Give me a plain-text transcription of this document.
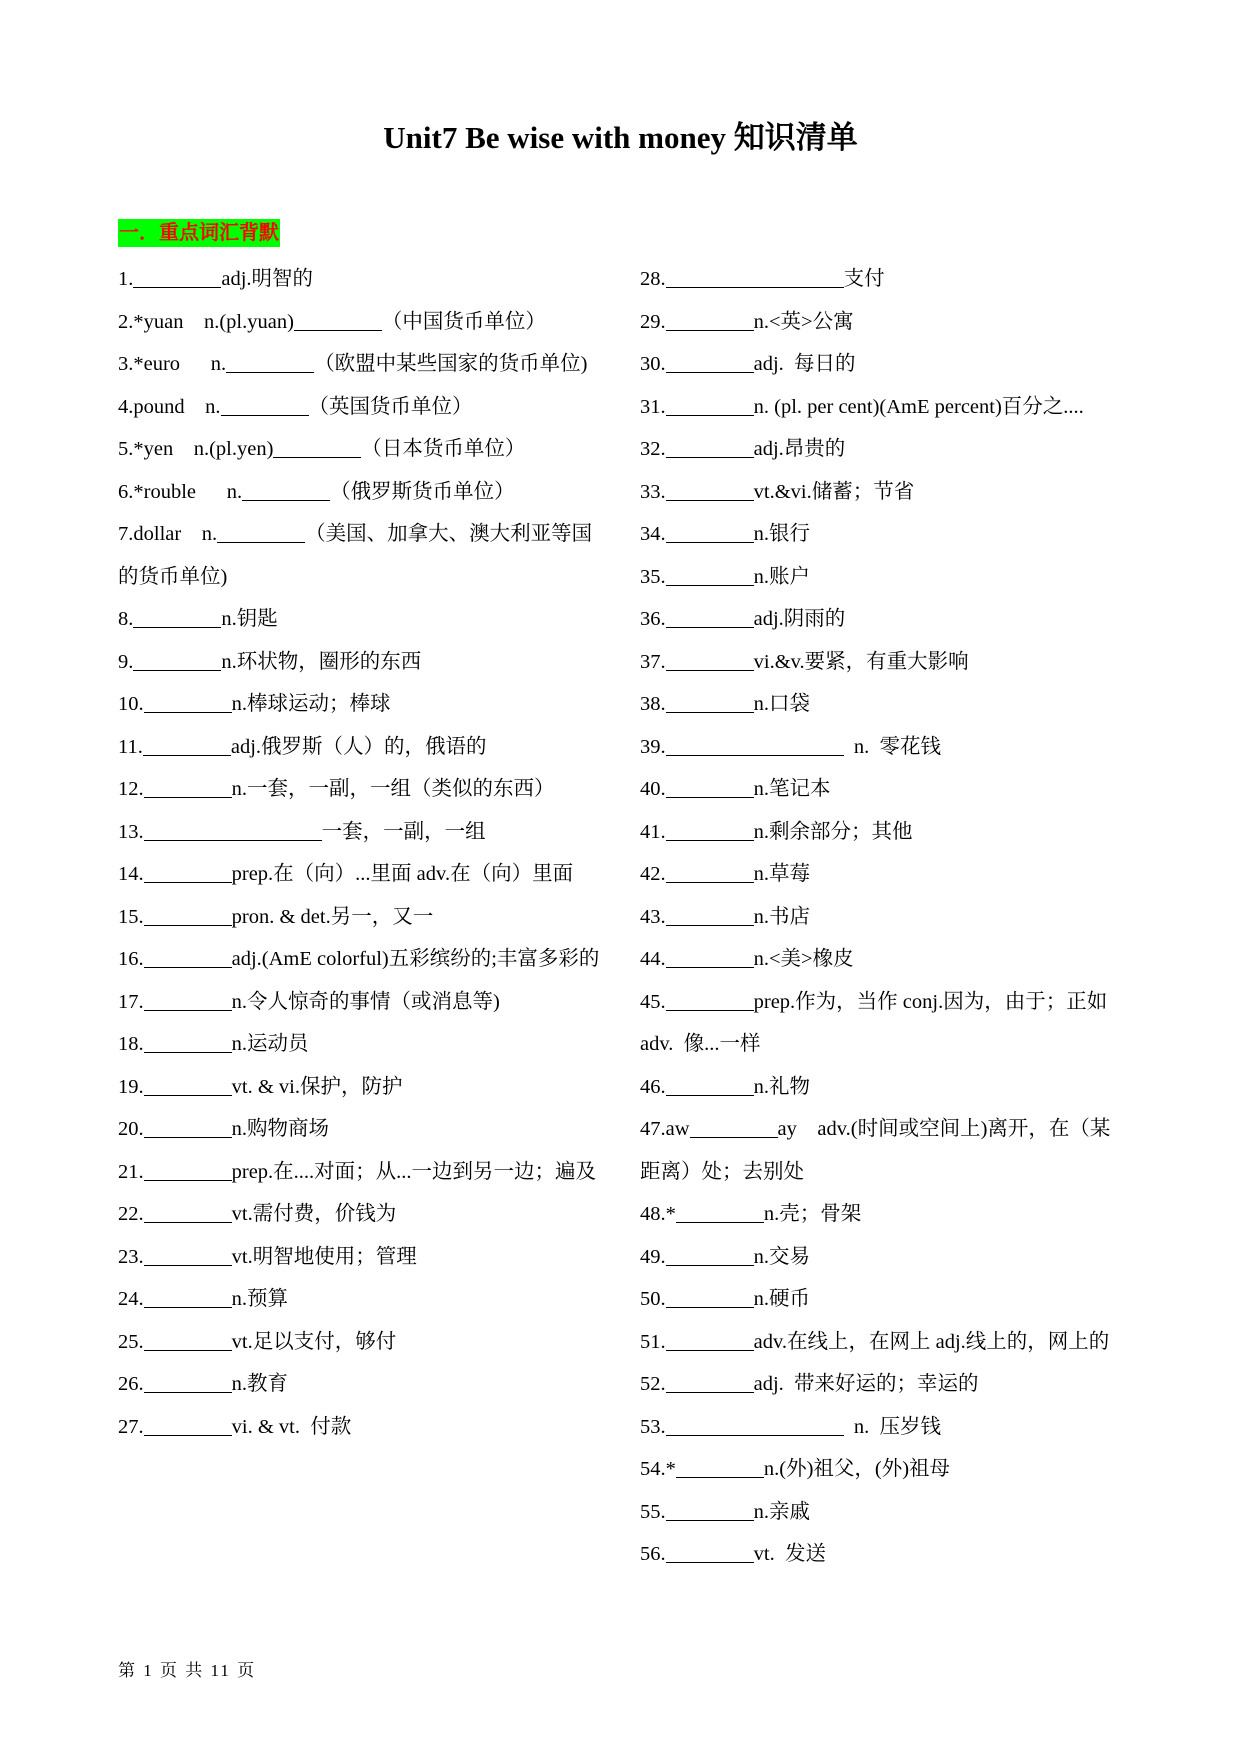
Unit7 Be wise with money 知识清单
一．重点词汇背默
1.	adj.明智的
2.*yuan    n.(pl.yuan)	（中国货币单位）
3.*euro      n.	（欧盟中某些国家的货币单位)
4.pound    n.	（英国货币单位）
5.*yen    n.(pl.yen)	（日本货币单位）
6.*rouble      n.	（俄罗斯货币单位）
7.dollar    n.	（美国、加拿大、澳大利亚等国的货币单位)
8.	n.钥匙
9.	n.环状物，圈形的东西
10.	n.棒球运动；棒球
11.	adj.俄罗斯（人）的，俄语的
12.	n.一套，一副，一组（类似的东西）
13.	一套，一副，一组
14.	prep.在（向）...里面 adv.在（向）里面
15.	pron. & det.另一，又一
16.	adj.(AmE colorful)五彩缤纷的;丰富多彩的
17.	n.令人惊奇的事情（或消息等)
18.	n.运动员
19.	vt. & vi.保护，防护
20.	n.购物商场
21.	prep.在....对面；从...一边到另一边；遍及
22.	vt.需付费，价钱为
23.	vt.明智地使用；管理
24.	n.预算
25.	vt.足以支付，够付
26.	n.教育
27.	vi. & vt.  付款
28.	支付
29.	n.<英>公寓
30.	adj.  每日的
31.	n. (pl. per cent)(AmE percent)百分之....
32.	adj.昂贵的
33.	vt.&vi.储蓄；节省
34.	n.银行
35.	n.账户
36.	adj.阴雨的
37.	vi.&v.要紧，有重大影响
38.	n.口袋
39.	n.  零花钱
40.	n.笔记本
41.	n.剩余部分；其他
42.	n.草莓
43.	n.书店
44.	n.<美>橡皮
45.	prep.作为，当作 conj.因为，由于；正如 adv.  像...一样
46.	n.礼物
47.aw	ay    adv.(时间或空间上)离开，在（某距离）处；去别处
48.*	n.壳；骨架
49.	n.交易
50.	n.硬币
51.	adv.在线上，在网上 adj.线上的，网上的
52.	adj.  带来好运的；幸运的
53.	n.  压岁钱
54.*	n.(外)祖父，(外)祖母
55.	n.亲戚
56.	vt.  发送
第 1 页 共 11 页
